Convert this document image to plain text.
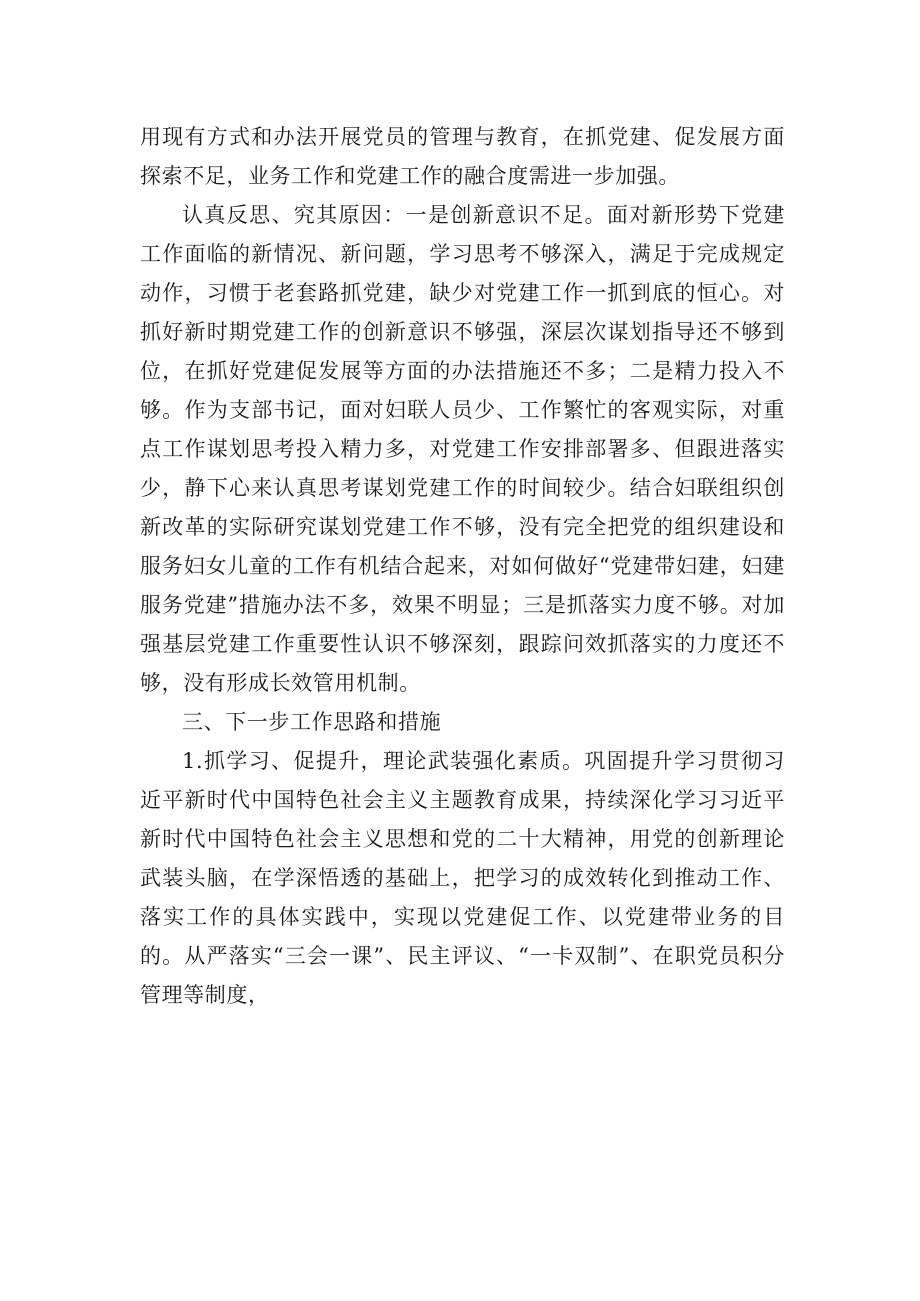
用现有方式和办法开展党员的管理与教育，在抓党建、促发展方面探索不足，业务工作和党建工作的融合度需进一步加强。

认真反思、究其原因：一是创新意识不足。面对新形势下党建工作面临的新情况、新问题，学习思考不够深入，满足于完成规定动作，习惯于老套路抓党建，缺少对党建工作一抓到底的恒心。对抓好新时期党建工作的创新意识不够强，深层次谋划指导还不够到位，在抓好党建促发展等方面的办法措施还不多；二是精力投入不够。作为支部书记，面对妇联人员少、工作繁忙的客观实际，对重点工作谋划思考投入精力多，对党建工作安排部署多、但跟进落实少，静下心来认真思考谋划党建工作的时间较少。结合妇联组织创新改革的实际研究谋划党建工作不够，没有完全把党的组织建设和服务妇女儿童的工作有机结合起来，对如何做好“党建带妇建，妇建服务党建”措施办法不多，效果不明显；三是抓落实力度不够。对加强基层党建工作重要性认识不够深刻，跟踪问效抓落实的力度还不够，没有形成长效管用机制。

三、下一步工作思路和措施

1.抓学习、促提升，理论武装强化素质。巩固提升学习贯彻习近平新时代中国特色社会主义主题教育成果，持续深化学习习近平新时代中国特色社会主义思想和党的二十大精神，用党的创新理论武装头脑，在学深悟透的基础上，把学习的成效转化到推动工作、落实工作的具体实践中，实现以党建促工作、以党建带业务的目的。从严落实“三会一课”、民主评议、“一卡双制”、在职党员积分管理等制度，
